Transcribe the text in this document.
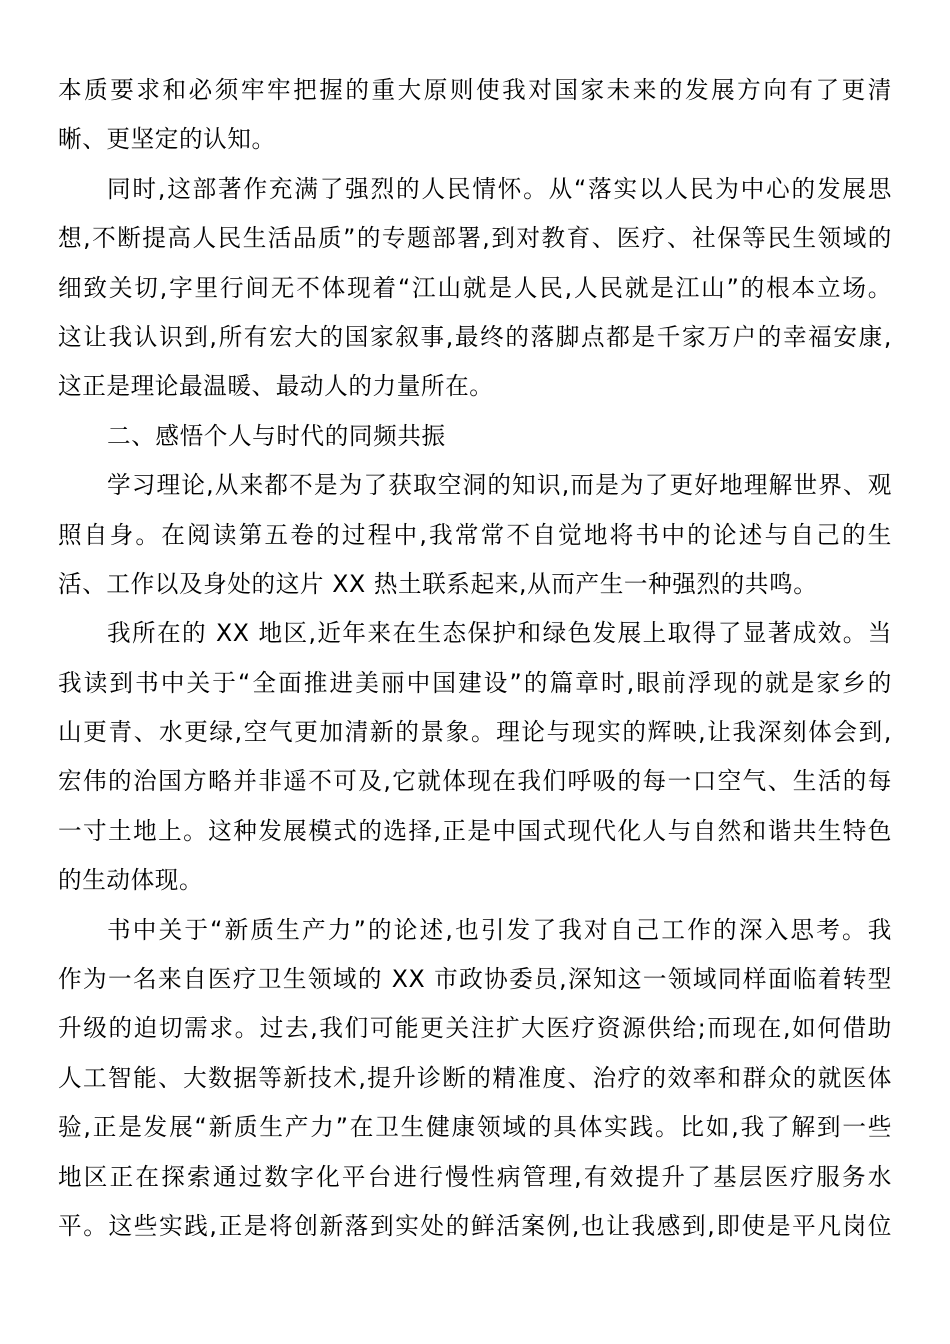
本质要求和必须牢牢把握的重大原则使我对国家未来的发展方向有了更清
晰、更坚定的认知。
同时,这部著作充满了强烈的人民情怀。从“落实以人民为中心的发展思
想,不断提高人民生活品质”的专题部署,到对教育、医疗、社保等民生领域的
细致关切,字里行间无不体现着“江山就是人民,人民就是江山”的根本立场。
这让我认识到,所有宏大的国家叙事,最终的落脚点都是千家万户的幸福安康,
这正是理论最温暖、最动人的力量所在。
二、感悟个人与时代的同频共振
学习理论,从来都不是为了获取空洞的知识,而是为了更好地理解世界、观
照自身。在阅读第五卷的过程中,我常常不自觉地将书中的论述与自己的生
活、工作以及身处的这片 XX 热土联系起来,从而产生一种强烈的共鸣。
我所在的 XX 地区,近年来在生态保护和绿色发展上取得了显著成效。当
我读到书中关于“全面推进美丽中国建设”的篇章时,眼前浮现的就是家乡的
山更青、水更绿,空气更加清新的景象。理论与现实的辉映,让我深刻体会到,
宏伟的治国方略并非遥不可及,它就体现在我们呼吸的每一口空气、生活的每
一寸土地上。这种发展模式的选择,正是中国式现代化人与自然和谐共生特色
的生动体现。
书中关于“新质生产力”的论述,也引发了我对自己工作的深入思考。我
作为一名来自医疗卫生领域的 XX 市政协委员,深知这一领域同样面临着转型
升级的迫切需求。过去,我们可能更关注扩大医疗资源供给;而现在,如何借助
人工智能、大数据等新技术,提升诊断的精准度、治疗的效率和群众的就医体
验,正是发展“新质生产力”在卫生健康领域的具体实践。比如,我了解到一些
地区正在探索通过数字化平台进行慢性病管理,有效提升了基层医疗服务水
平。这些实践,正是将创新落到实处的鲜活案例,也让我感到,即使是平凡岗位
